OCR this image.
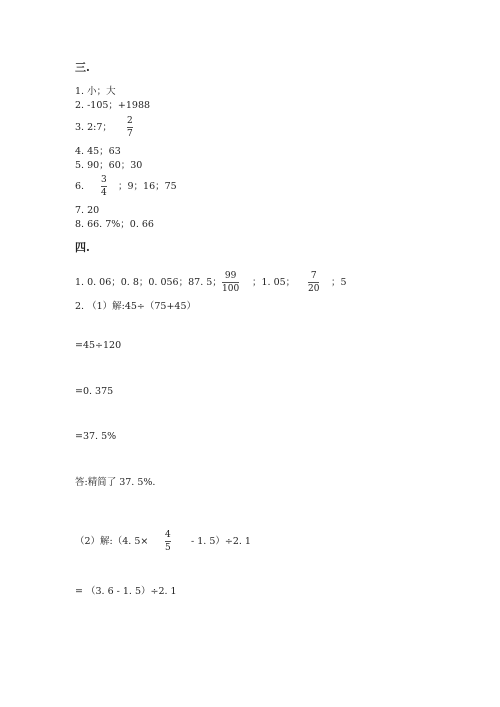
三.
1. 小；大
2. -105；+1988
3. 2:7；
2
7
4. 45；63
5. 90；60；30
6.
3
4
；9；16；75
7. 20
8. 66. 7%；0. 66
四.
1. 0. 06；0. 8；0. 056；87. 5；
99
100
；1. 05；
7
20
；5
2. （1）解:45÷（75+45）
=45÷120
=0. 375
=37. 5%
答:精简了 37. 5%.
（2）解:（4. 5×
4
5
- 1. 5）÷2. 1
= （3. 6 - 1. 5）÷2. 1
